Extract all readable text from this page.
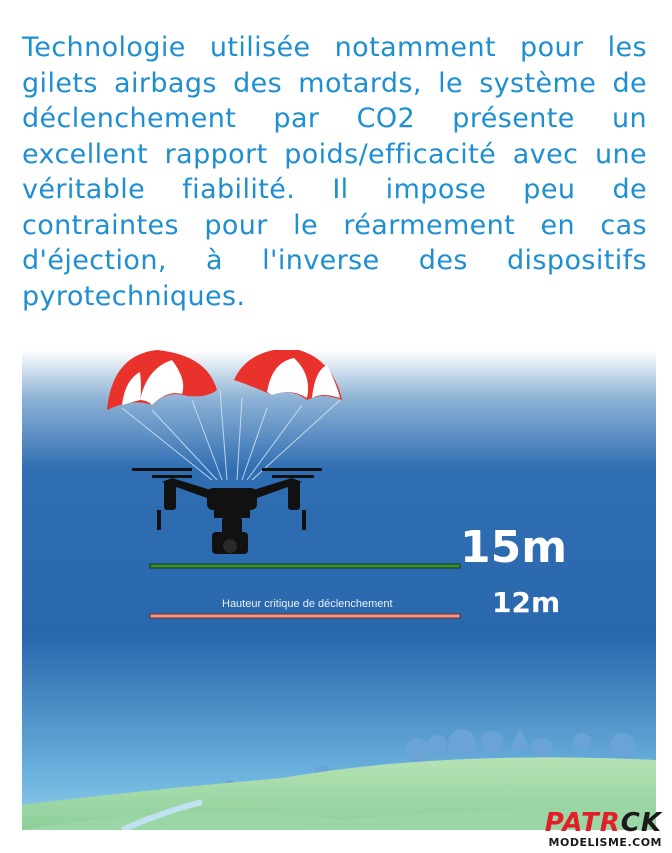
Technologie utilisée notamment pour les gilets airbags des motards, le système de déclenchement par CO2 présente un excellent rapport poids/efficacité avec une véritable fiabilité. Il impose peu de contraintes pour le réarmement en cas d'éjection, à l'inverse des dispositifs pyrotechniques.
15m
12m
Hauteur critique de déclenchement
PATRCK
MODELISME.COM
